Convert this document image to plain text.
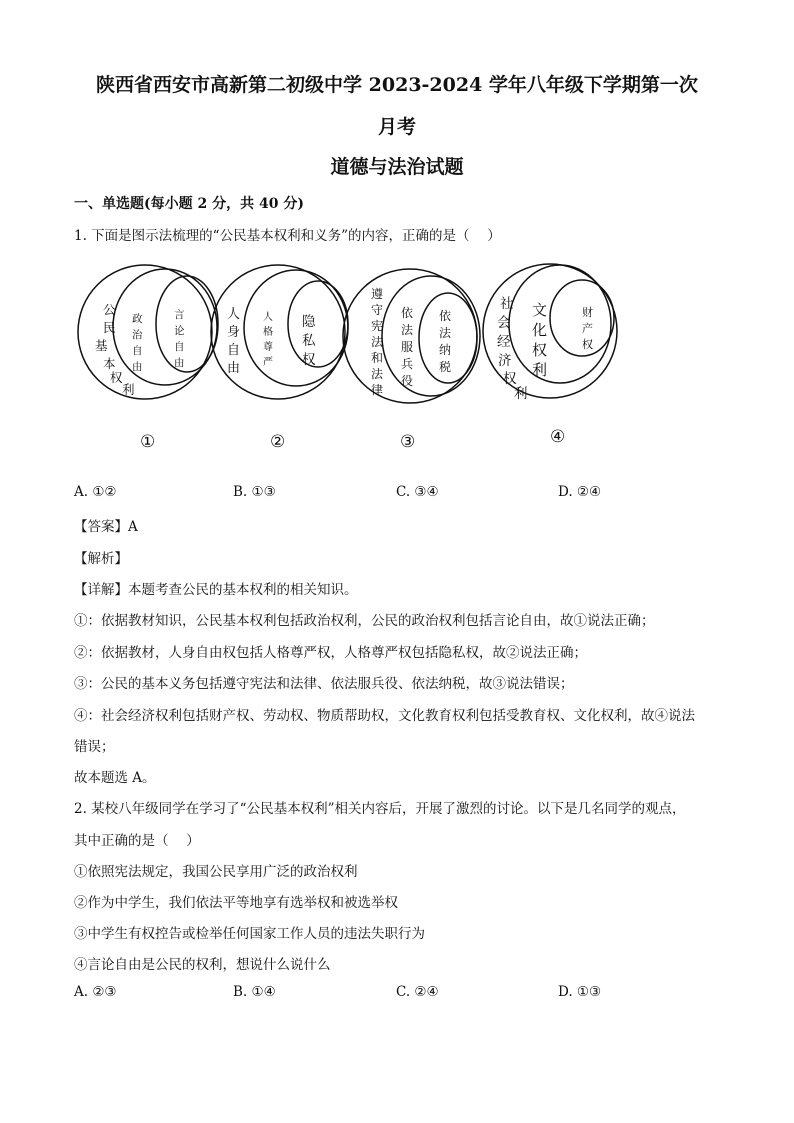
陕西省西安市高新第二初级中学 2023-2024 学年八年级下学期第一次
月考
道德与法治试题
一、单选题(每小题 2 分，共 40 分)
1. 下面是图示法梳理的“公民基本权利和义务”的内容，正确的是（　 ）
公
民
基
本
权
利
政
治
自
由
言
论
自
由
①
人
身
自
由
人
格
尊
严
隐
私
权
②
遵
守
宪
法
和
法
律
依
法
服
兵
役
依
法
纳
税
③
社
会
经
济
权
利
文
化
权
利
财
产
权
④
A. ①②	B. ①③	C. ③④	D. ②④
【答案】A
【解析】
【详解】本题考查公民的基本权利的相关知识。
①：依据教材知识，公民基本权利包括政治权利，公民的政治权利包括言论自由，故①说法正确；
②：依据教材，人身自由权包括人格尊严权，人格尊严权包括隐私权，故②说法正确；
③：公民的基本义务包括遵守宪法和法律、依法服兵役、依法纳税，故③说法错误；
④：社会经济权利包括财产权、劳动权、物质帮助权，文化教育权利包括受教育权、文化权利，故④说法
错误；
故本题选 A。
2. 某校八年级同学在学习了“公民基本权利”相关内容后，开展了激烈的讨论。以下是几名同学的观点，
其中正确的是（　 ）
①依照宪法规定，我国公民享用广泛的政治权利
②作为中学生，我们依法平等地享有选举权和被选举权
③中学生有权控告或检举任何国家工作人员的违法失职行为
④言论自由是公民的权利，想说什么说什么
A. ②③	B. ①④	C. ②④	D. ①③
